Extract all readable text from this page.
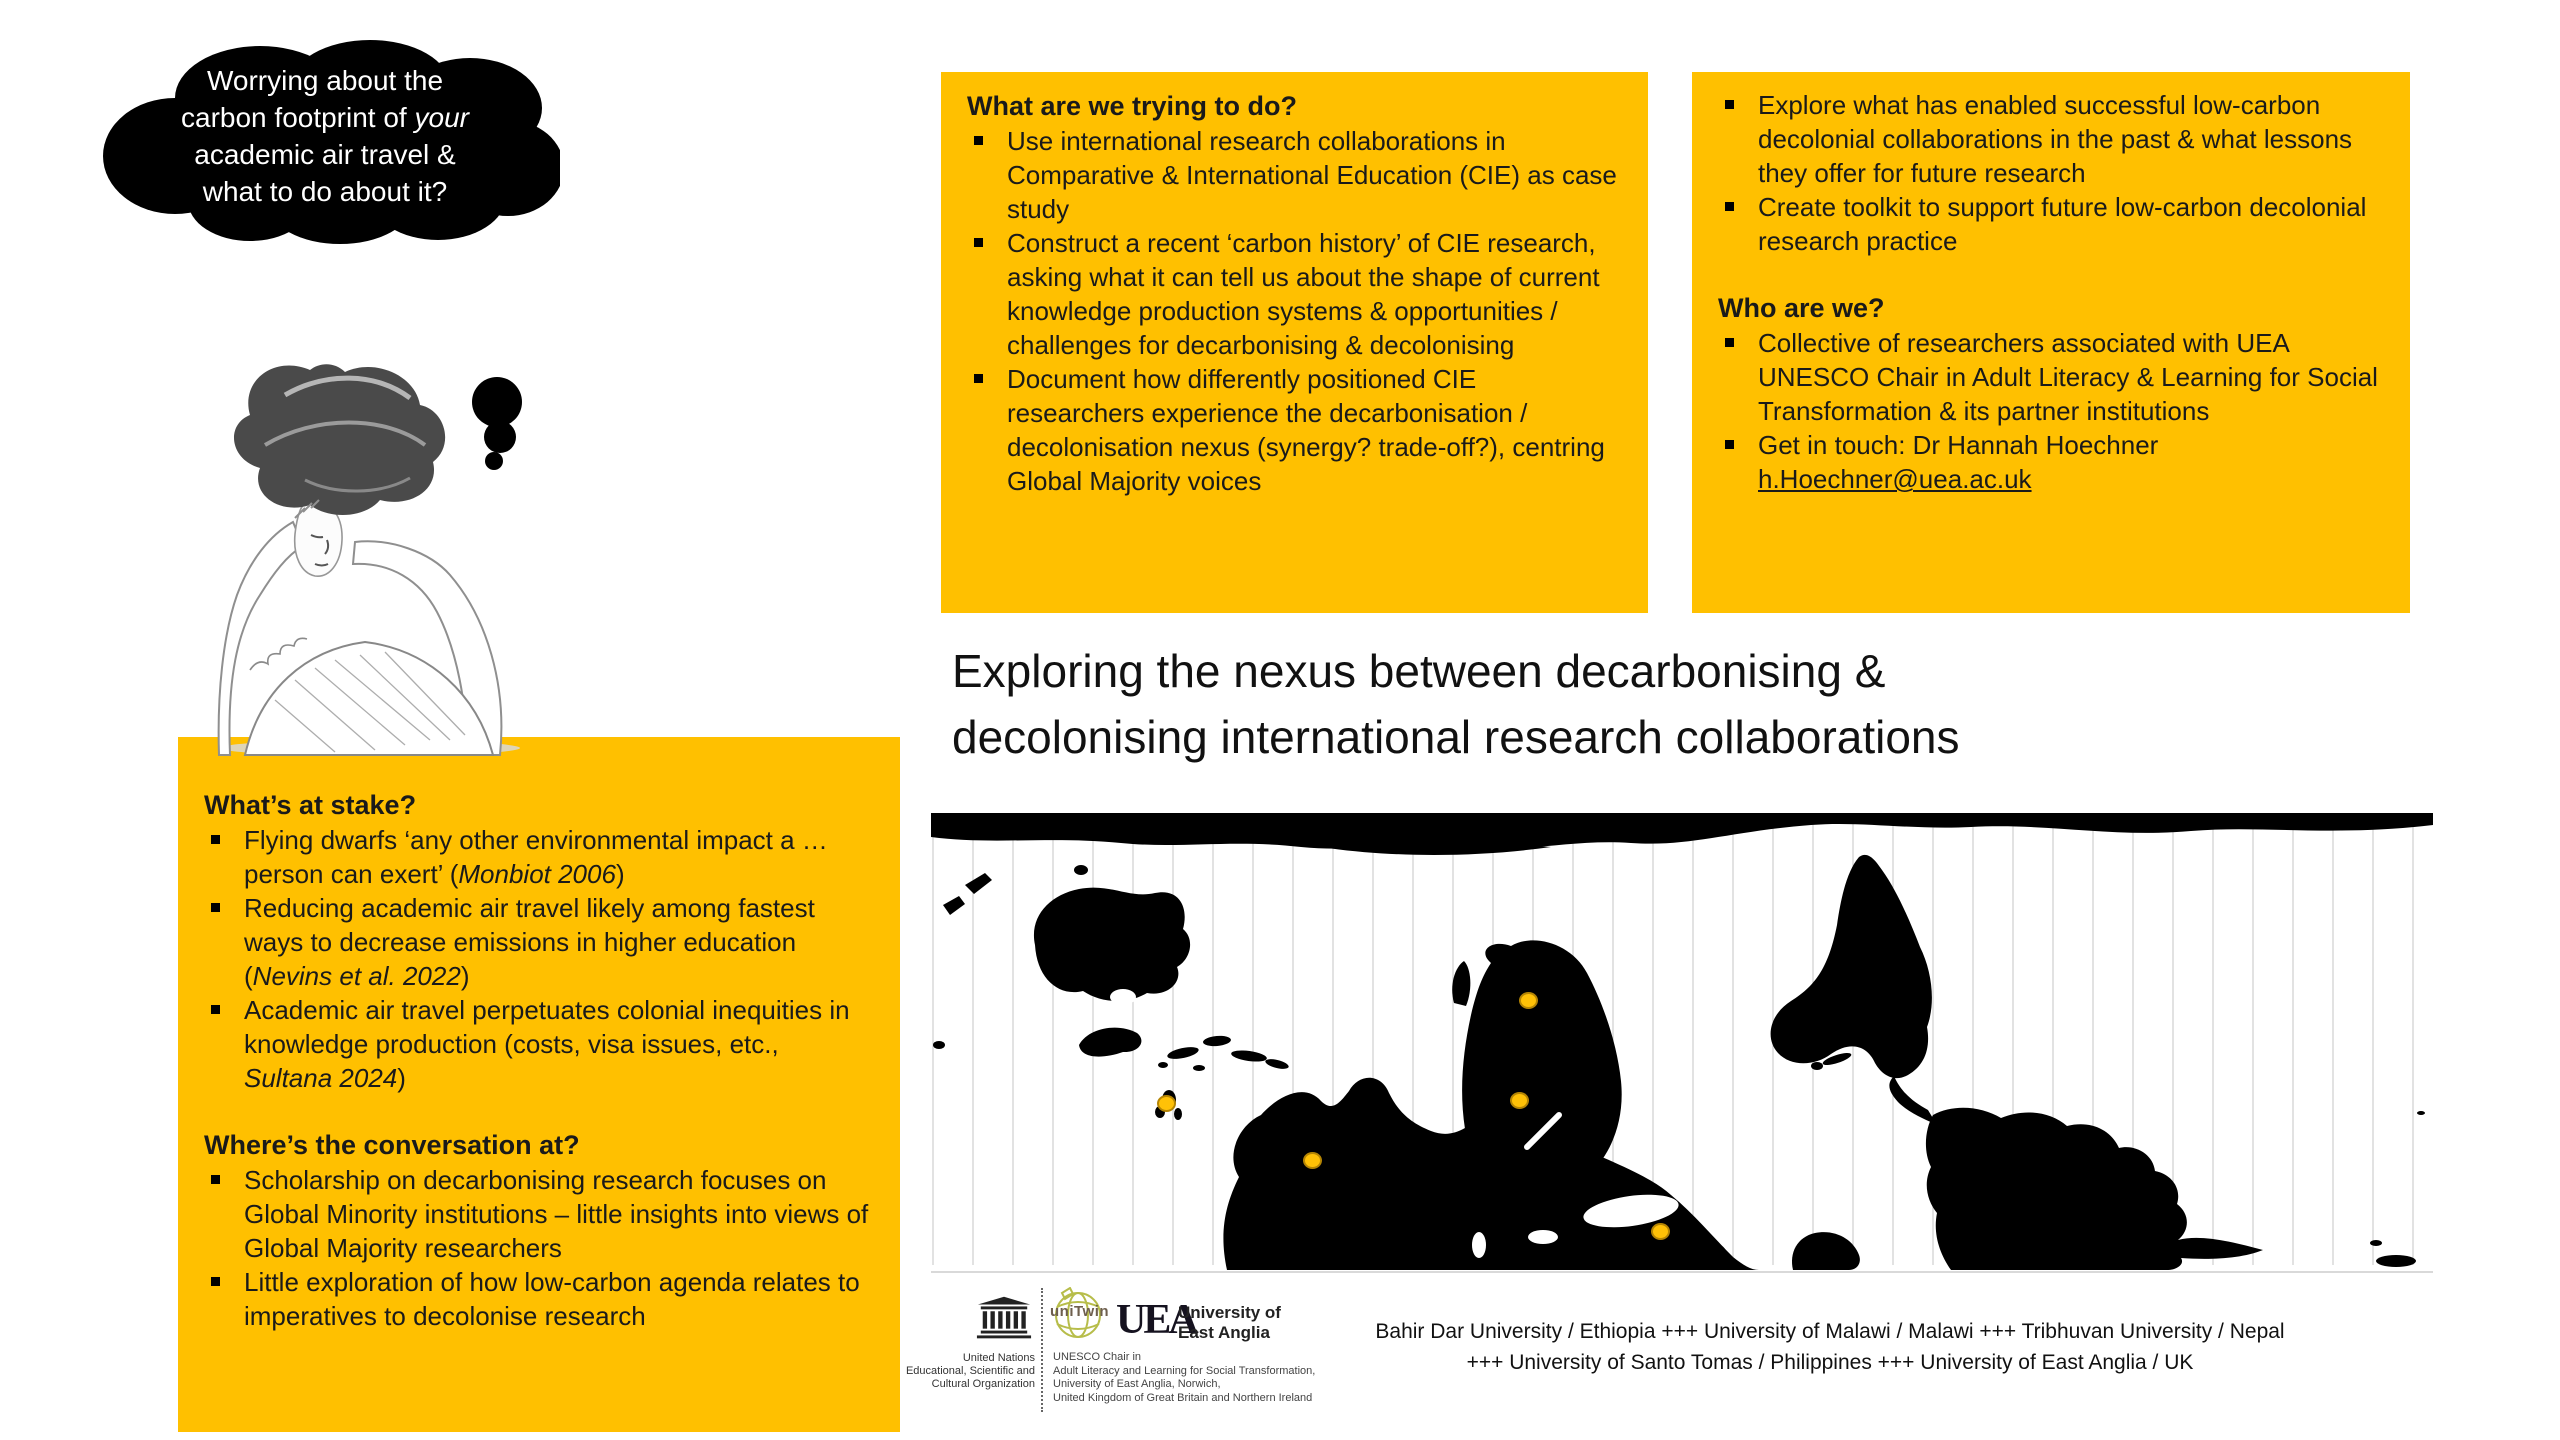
Worrying about the
carbon footprint of your
academic air travel &
what to do about it?
What’s at stake?
Flying dwarfs ‘any other environmental impact a … person can exert’ (Monbiot 2006)
Reducing academic air travel likely among fastest ways to decrease emissions in higher education (Nevins et al. 2022)
Academic air travel perpetuates colonial inequities in knowledge production (costs, visa issues, etc., Sultana 2024)
Where’s the conversation at?
Scholarship on decarbonising research focuses on Global Minority institutions – little insights into views of Global Majority researchers
Little exploration of how low-carbon agenda relates to imperatives to decolonise research
What are we trying to do?
Use international research collaborations in Comparative & International Education (CIE) as case study
Construct a recent ‘carbon history’ of CIE research, asking what it can tell us about the shape of current knowledge production systems & opportunities / challenges for decarbonising & decolonising
Document how differently positioned CIE researchers experience the decarbonisation / decolonisation nexus (synergy? trade-off?), centring Global Majority voices
Explore what has enabled successful low-carbon decolonial collaborations in the past & what lessons they offer for future research
Create toolkit to support future low-carbon decolonial research practice
Who are we?
Collective of researchers associated with UEA UNESCO Chair in Adult Literacy & Learning for Social Transformation & its partner institutions
Get in touch: Dr Hannah Hoechner h.Hoechner@uea.ac.uk
Exploring the nexus between decarbonising &
decolonising international research collaborations
United Nations
Educational, Scientific and
Cultural Organization
uniTwin UEA
University of
East Anglia
UNESCO Chair in
Adult Literacy and Learning for Social Transformation,
University of East Anglia, Norwich,
United Kingdom of Great Britain and Northern Ireland
Bahir Dar University / Ethiopia +++ University of Malawi / Malawi +++ Tribhuvan University / Nepal
+++ University of Santo Tomas / Philippines +++ University of East Anglia / UK
